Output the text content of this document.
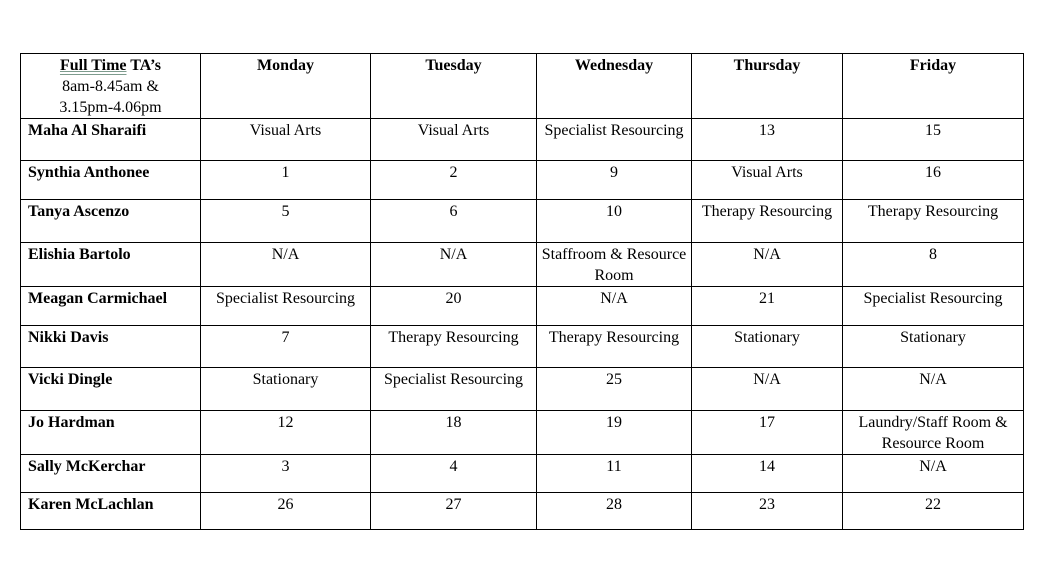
Full Time TA’s
8am-8.45am &
3.15pm-4.06pm	Monday	Tuesday	Wednesday	Thursday	Friday
Maha Al Sharaifi	Visual Arts	Visual Arts	Specialist Resourcing	13	15
Synthia Anthonee	1	2	9	Visual Arts	16
Tanya Ascenzo	5	6	10	Therapy Resourcing	Therapy Resourcing
Elishia Bartolo	N/A	N/A	Staffroom & Resource Room	N/A	8
Meagan Carmichael	Specialist Resourcing	20	N/A	21	Specialist Resourcing
Nikki Davis	7	Therapy Resourcing	Therapy Resourcing	Stationary	Stationary
Vicki Dingle	Stationary	Specialist Resourcing	25	N/A	N/A
Jo Hardman	12	18	19	17	Laundry/Staff Room & Resource Room
Sally McKerchar	3	4	11	14	N/A
Karen McLachlan	26	27	28	23	22
